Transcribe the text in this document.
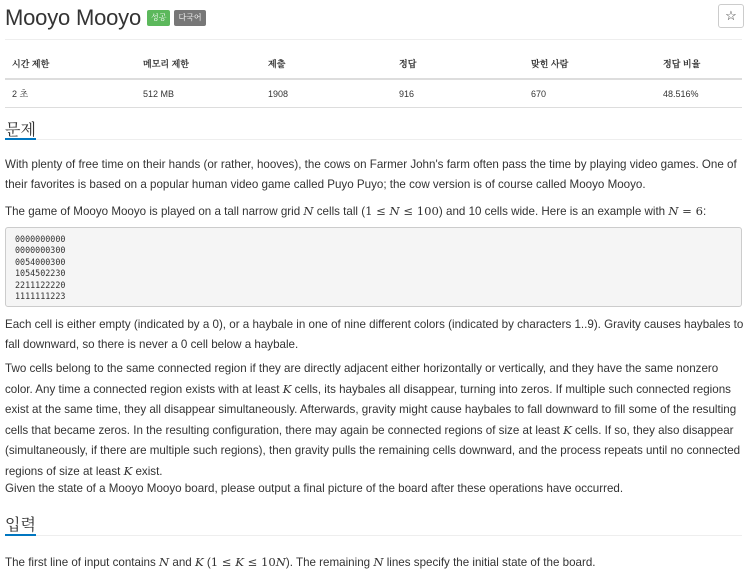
Mooyo Mooyo	성공	다국어	☆
시간 제한	메모리 제한	제출	정답	맞힌 사람	정답 비율
2 초	512 MB	1908	916	670	48.516%
문제

With plenty of free time on their hands (or rather, hooves), the cows on Farmer John's farm often pass the time by playing video games. One of their favorites is based on a popular human video game called Puyo Puyo; the cow version is of course called Mooyo Mooyo.

The game of Mooyo Mooyo is played on a tall narrow grid N cells tall (1 ≤ N ≤ 100) and 10 cells wide. Here is an example with N = 6:

0000000000
0000000300
0054000300
1054502230
2211122220
1111111223

Each cell is either empty (indicated by a 0), or a haybale in one of nine different colors (indicated by characters 1..9). Gravity causes haybales to fall downward, so there is never a 0 cell below a haybale.

Two cells belong to the same connected region if they are directly adjacent either horizontally or vertically, and they have the same nonzero color. Any time a connected region exists with at least K cells, its haybales all disappear, turning into zeros. If multiple such connected regions exist at the same time, they all disappear simultaneously. Afterwards, gravity might cause haybales to fall downward to fill some of the resulting cells that became zeros. In the resulting configuration, there may again be connected regions of size at least K cells. If so, they also disappear (simultaneously, if there are multiple such regions), then gravity pulls the remaining cells downward, and the process repeats until no connected regions of size at least K exist.

Given the state of a Mooyo Mooyo board, please output a final picture of the board after these operations have occurred.

입력

The first line of input contains N and K (1 ≤ K ≤ 10N). The remaining N lines specify the initial state of the board.
